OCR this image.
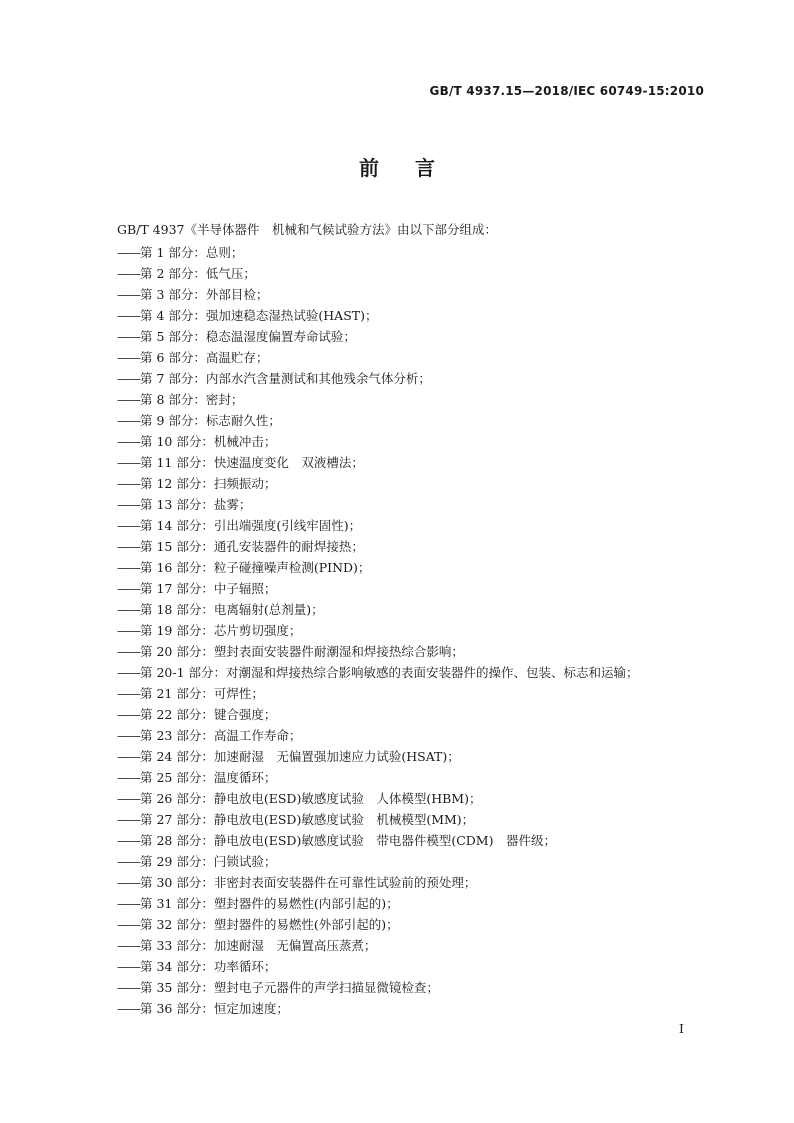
GB/T 4937.15—2018/IEC 60749-15:2010
前言
GB/T 4937《半导体器件　机械和气候试验方法》由以下部分组成：
——第 1 部分：总则；
——第 2 部分：低气压；
——第 3 部分：外部目检；
——第 4 部分：强加速稳态湿热试验(HAST)；
——第 5 部分：稳态温湿度偏置寿命试验；
——第 6 部分：高温贮存；
——第 7 部分：内部水汽含量测试和其他残余气体分析；
——第 8 部分：密封；
——第 9 部分：标志耐久性；
——第 10 部分：机械冲击；
——第 11 部分：快速温度变化　双液槽法；
——第 12 部分：扫频振动；
——第 13 部分：盐雾；
——第 14 部分：引出端强度(引线牢固性)；
——第 15 部分：通孔安装器件的耐焊接热；
——第 16 部分：粒子碰撞噪声检测(PIND)；
——第 17 部分：中子辐照；
——第 18 部分：电离辐射(总剂量)；
——第 19 部分：芯片剪切强度；
——第 20 部分：塑封表面安装器件耐潮湿和焊接热综合影响；
——第 20-1 部分：对潮湿和焊接热综合影响敏感的表面安装器件的操作、包装、标志和运输；
——第 21 部分：可焊性；
——第 22 部分：键合强度；
——第 23 部分：高温工作寿命；
——第 24 部分：加速耐湿　无偏置强加速应力试验(HSAT)；
——第 25 部分：温度循环；
——第 26 部分：静电放电(ESD)敏感度试验　人体模型(HBM)；
——第 27 部分：静电放电(ESD)敏感度试验　机械模型(MM)；
——第 28 部分：静电放电(ESD)敏感度试验　带电器件模型(CDM)　器件级；
——第 29 部分：闩锁试验；
——第 30 部分：非密封表面安装器件在可靠性试验前的预处理；
——第 31 部分：塑封器件的易燃性(内部引起的)；
——第 32 部分：塑封器件的易燃性(外部引起的)；
——第 33 部分：加速耐湿　无偏置高压蒸煮；
——第 34 部分：功率循环；
——第 35 部分：塑封电子元器件的声学扫描显微镜检查；
——第 36 部分：恒定加速度；
I
